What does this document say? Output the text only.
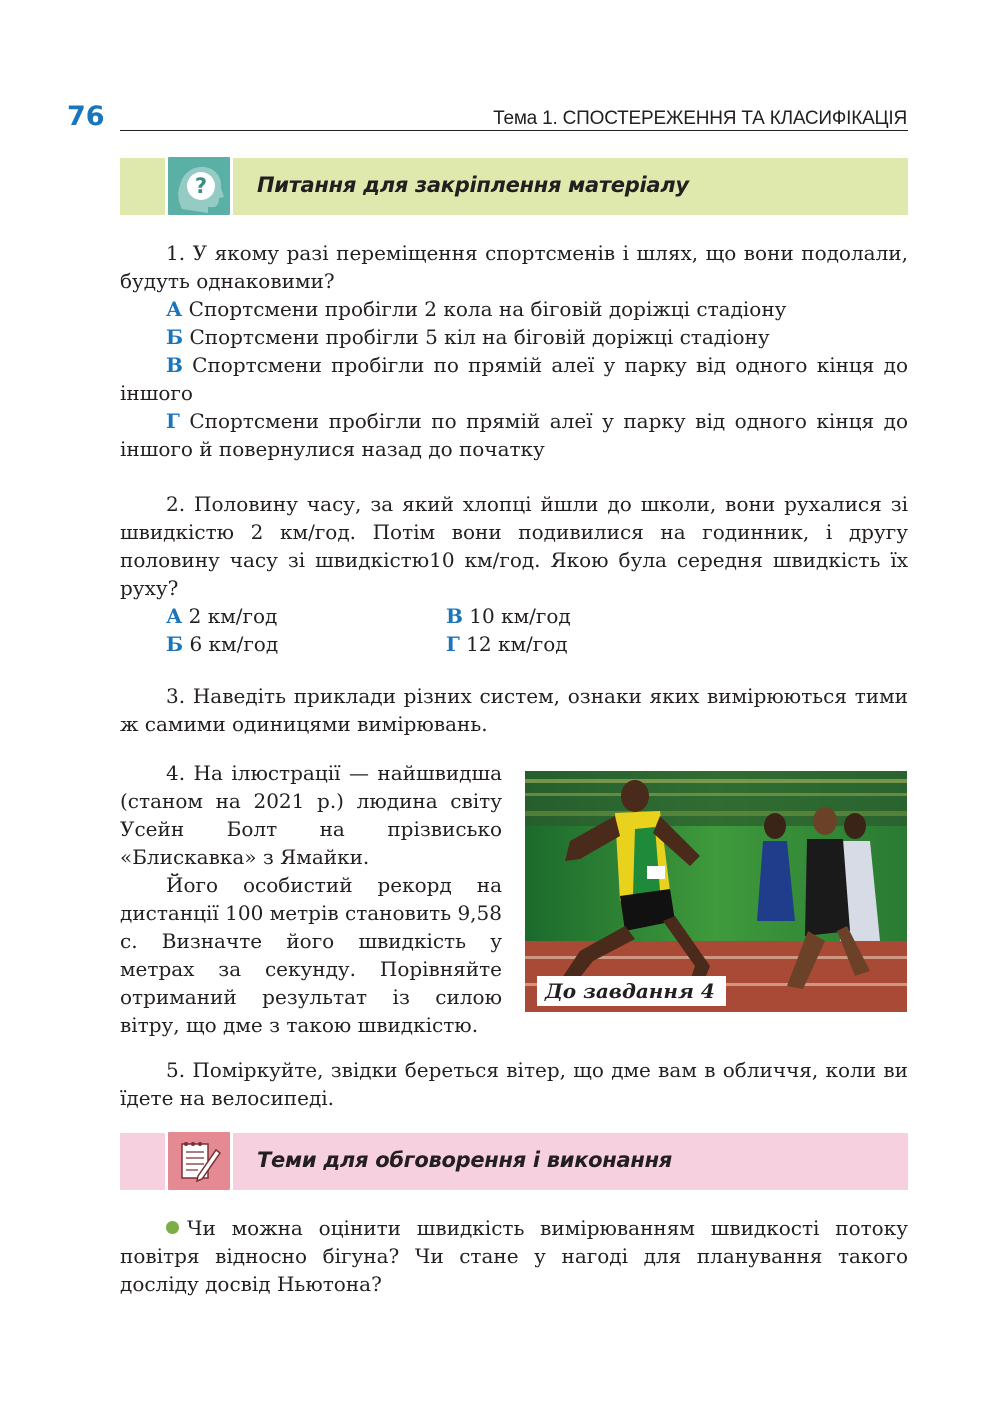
76	Тема 1. СПОСТЕРЕЖЕННЯ ТА КЛАСИФІКАЦІЯ
? Питання для закріплення матеріалу
1. У якому разі переміщення спортсменів і шлях, що вони подолали, будуть однаковими?
А Спортсмени пробігли 2 кола на біговій доріжці стадіону
Б Спортсмени пробігли 5 кіл на біговій доріжці стадіону
В Спортсмени пробігли по прямій алеї у парку від одного кінця до іншого
Г Спортсмени пробігли по прямій алеї у парку від одного кінця до іншого й повернулися назад до початку
2. Половину часу, за який хлопці йшли до школи, вони рухалися зі швидкістю 2 км/год. Потім вони подивилися на годинник, і другу половину часу зі швидкістю10 км/год. Якою була середня швидкість їх руху?
А 2 км/год	В 10 км/год
Б 6 км/год	Г 12 км/год
3. Наведіть приклади різних систем, ознаки яких вимірюються тими ж самими одиницями вимірювань.
4. На ілюстрації — найшвидша (станом на 2021 р.) людина світу Усейн Болт на прізвисько «Блискавка» з Ямайки.
Його особистий рекорд на дистанції 100 метрів становить 9,58 с. Визначте його швидкість у метрах за секунду. Порівняйте отриманий результат із силою вітру, що дме з такою швидкістю.
До завдання 4
5. Поміркуйте, звідки береться вітер, що дме вам в обличчя, коли ви їдете на велосипеді.
Теми для обговорення і виконання
Чи можна оцінити швидкість вимірюванням швидкості потоку повітря відносно бігуна? Чи стане у нагоді для планування такого досліду досвід Ньютона?
